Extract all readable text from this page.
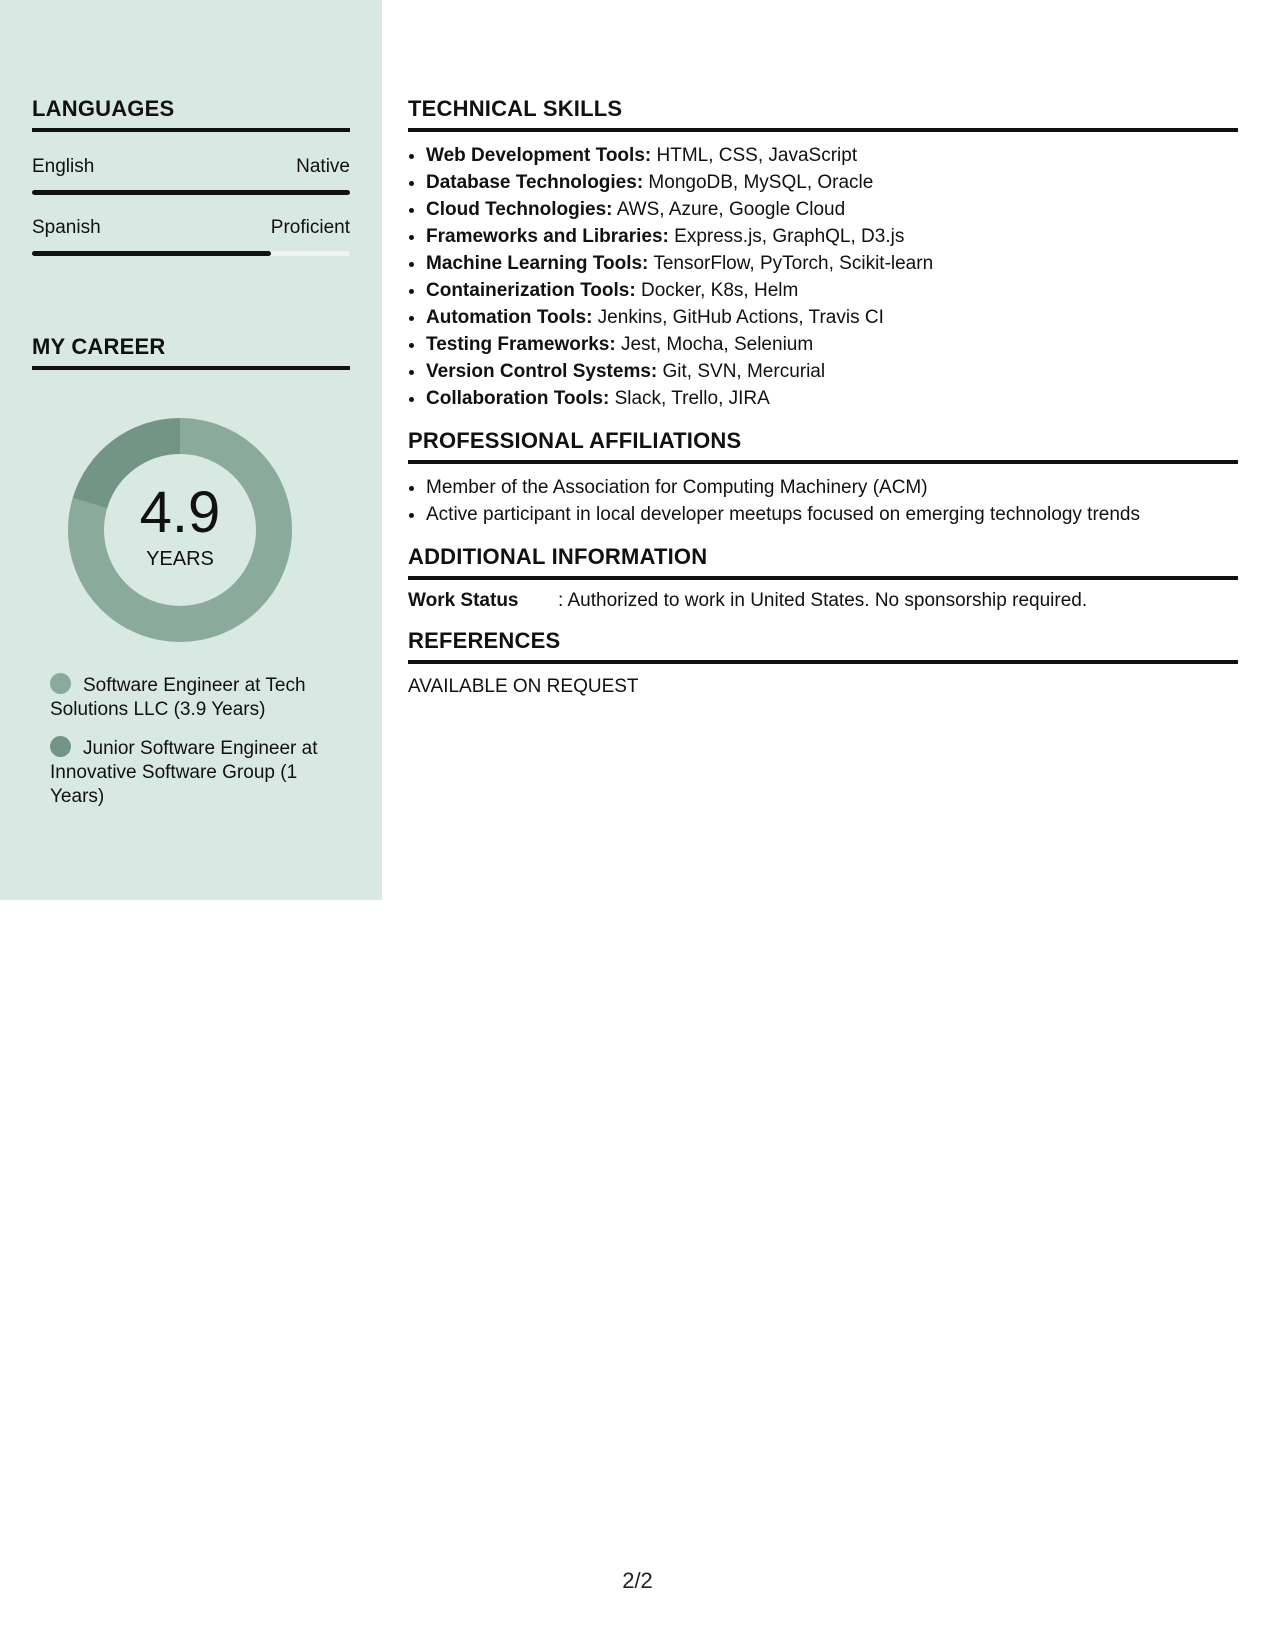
LANGUAGES
English	Native
Spanish	Proficient
MY CAREER
4.9
YEARS
Software Engineer at Tech Solutions LLC (3.9 Years)
Junior Software Engineer at Innovative Software Group (1 Years)
TECHNICAL SKILLS
• Web Development Tools: HTML, CSS, JavaScript
• Database Technologies: MongoDB, MySQL, Oracle
• Cloud Technologies: AWS, Azure, Google Cloud
• Frameworks and Libraries: Express.js, GraphQL, D3.js
• Machine Learning Tools: TensorFlow, PyTorch, Scikit-learn
• Containerization Tools: Docker, K8s, Helm
• Automation Tools: Jenkins, GitHub Actions, Travis CI
• Testing Frameworks: Jest, Mocha, Selenium
• Version Control Systems: Git, SVN, Mercurial
• Collaboration Tools: Slack, Trello, JIRA
PROFESSIONAL AFFILIATIONS
• Member of the Association for Computing Machinery (ACM)
• Active participant in local developer meetups focused on emerging technology trends
ADDITIONAL INFORMATION
Work Status	: Authorized to work in United States. No sponsorship required.
REFERENCES
AVAILABLE ON REQUEST
2/2
